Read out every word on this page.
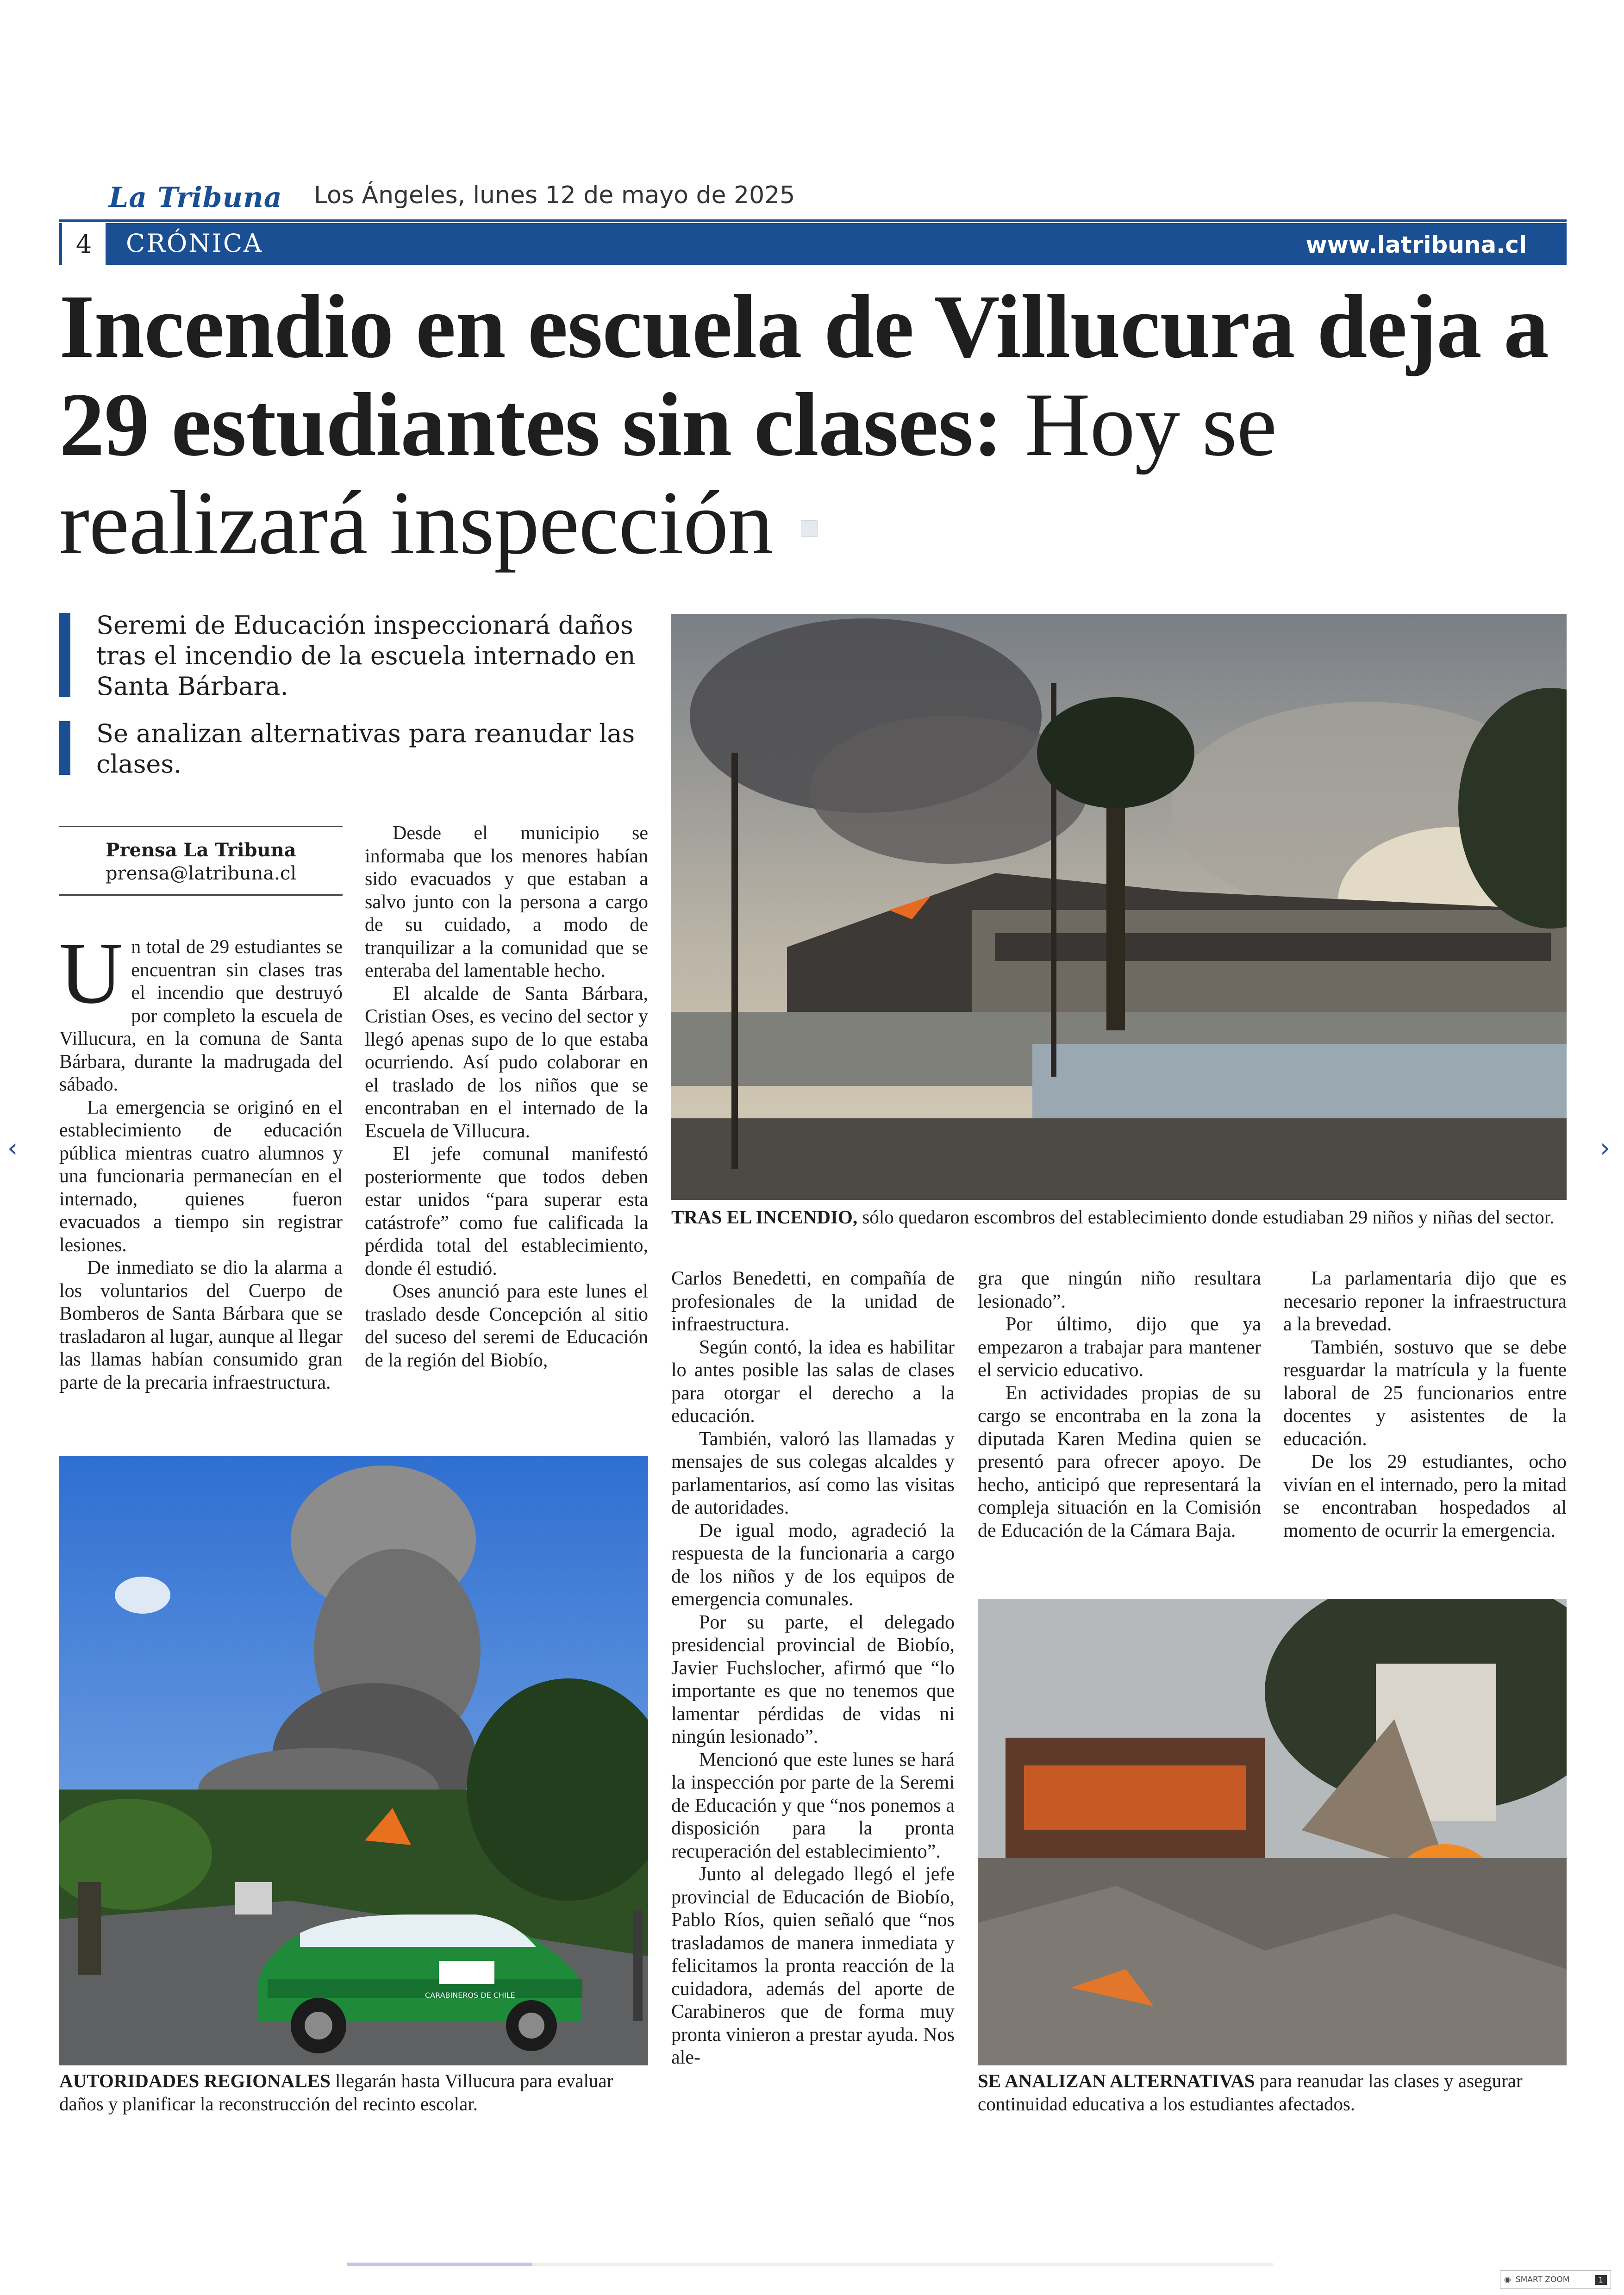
La Tribuna Los Ángeles, lunes 12 de mayo de 2025
4	CRÓNICA	www.latribuna.cl
Incendio en escuela de Villucura deja a 29 estudiantes sin clases: Hoy se realizará inspección
Seremi de Educación inspeccionará daños tras el incendio de la escuela internado en Santa Bárbara.
Se analizan alternativas para reanudar las clases.
Prensa La Tribuna
prensa@latribuna.cl

Un total de 29 estudiantes se encuentran sin clases tras el incendio que destruyó por completo la escuela de Villucura, en la comuna de Santa Bárbara, durante la madrugada del sábado.

La emergencia se originó en el establecimiento de educación pública mientras cuatro alumnos y una funcionaria permanecían en el internado, quienes fueron evacuados a tiempo sin registrar lesiones.

De inmediato se dio la alarma a los voluntarios del Cuerpo de Bomberos de Santa Bárbara que se trasladaron al lugar, aunque al llegar las llamas habían consumido gran parte de la precaria infraestructura.

Desde el municipio se informaba que los menores habían sido evacuados y que estaban a salvo junto con la persona a cargo de su cuidado, a modo de tranquilizar a la comunidad que se enteraba del lamentable hecho.

El alcalde de Santa Bárbara, Cristian Oses, es vecino del sector y llegó apenas supo de lo que estaba ocurriendo. Así pudo colaborar en el traslado de los niños que se encontraban en el internado de la Escuela de Villucura.

El jefe comunal manifestó posteriormente que todos deben estar unidos “para superar esta catástrofe” como fue calificada la pérdida total del establecimiento, donde él estudió.

Oses anunció para este lunes el traslado desde Concepción al sitio del suceso del seremi de Educación de la región del Biobío,

TRAS EL INCENDIO, sólo quedaron escombros del establecimiento donde estudiaban 29 niños y niñas del sector.

Carlos Benedetti, en compañía de profesionales de la unidad de infraestructura.

Según contó, la idea es habilitar lo antes posible las salas de clases para otorgar el derecho a la educación.

También, valoró las llamadas y mensajes de sus colegas alcaldes y parlamentarios, así como las visitas de autoridades.

De igual modo, agradeció la respuesta de la funcionaria a cargo de los niños y de los equipos de emergencia comunales.

Por su parte, el delegado presidencial provincial de Biobío, Javier Fuchslocher, afirmó que “lo importante es que no tenemos que lamentar pérdidas de vidas ni ningún lesionado”.

Mencionó que este lunes se hará la inspección por parte de la Seremi de Educación y que “nos ponemos a disposición para la pronta recuperación del establecimiento”.

Junto al delegado llegó el jefe provincial de Educación de Biobío, Pablo Ríos, quien señaló que “nos trasladamos de manera inmediata y felicitamos la pronta reacción de la cuidadora, además del aporte de Carabineros que de forma muy pronta vinieron a prestar ayuda. Nos ale-

gra que ningún niño resultara lesionado”.

Por último, dijo que ya empezaron a trabajar para mantener el servicio educativo.

En actividades propias de su cargo se encontraba en la zona la diputada Karen Medina quien se presentó para ofrecer apoyo. De hecho, anticipó que representará la compleja situación en la Comisión de Educación de la Cámara Baja.

La parlamentaria dijo que es necesario reponer la infraestructura a la brevedad.

También, sostuvo que se debe resguardar la matrícula y la fuente laboral de 25 funcionarios entre docentes y asistentes de la educación.

De los 29 estudiantes, ocho vivían en el internado, pero la mitad se encontraban hospedados al momento de ocurrir la emergencia.

CARABINEROS DE CHILE
AUTORIDADES REGIONALES llegarán hasta Villucura para evaluar daños y planificar la reconstrucción del recinto escolar.
SE ANALIZAN ALTERNATIVAS para reanudar las clases y asegurar continuidad educativa a los estudiantes afectados.
‹	›
◉ SMART ZOOM	1
